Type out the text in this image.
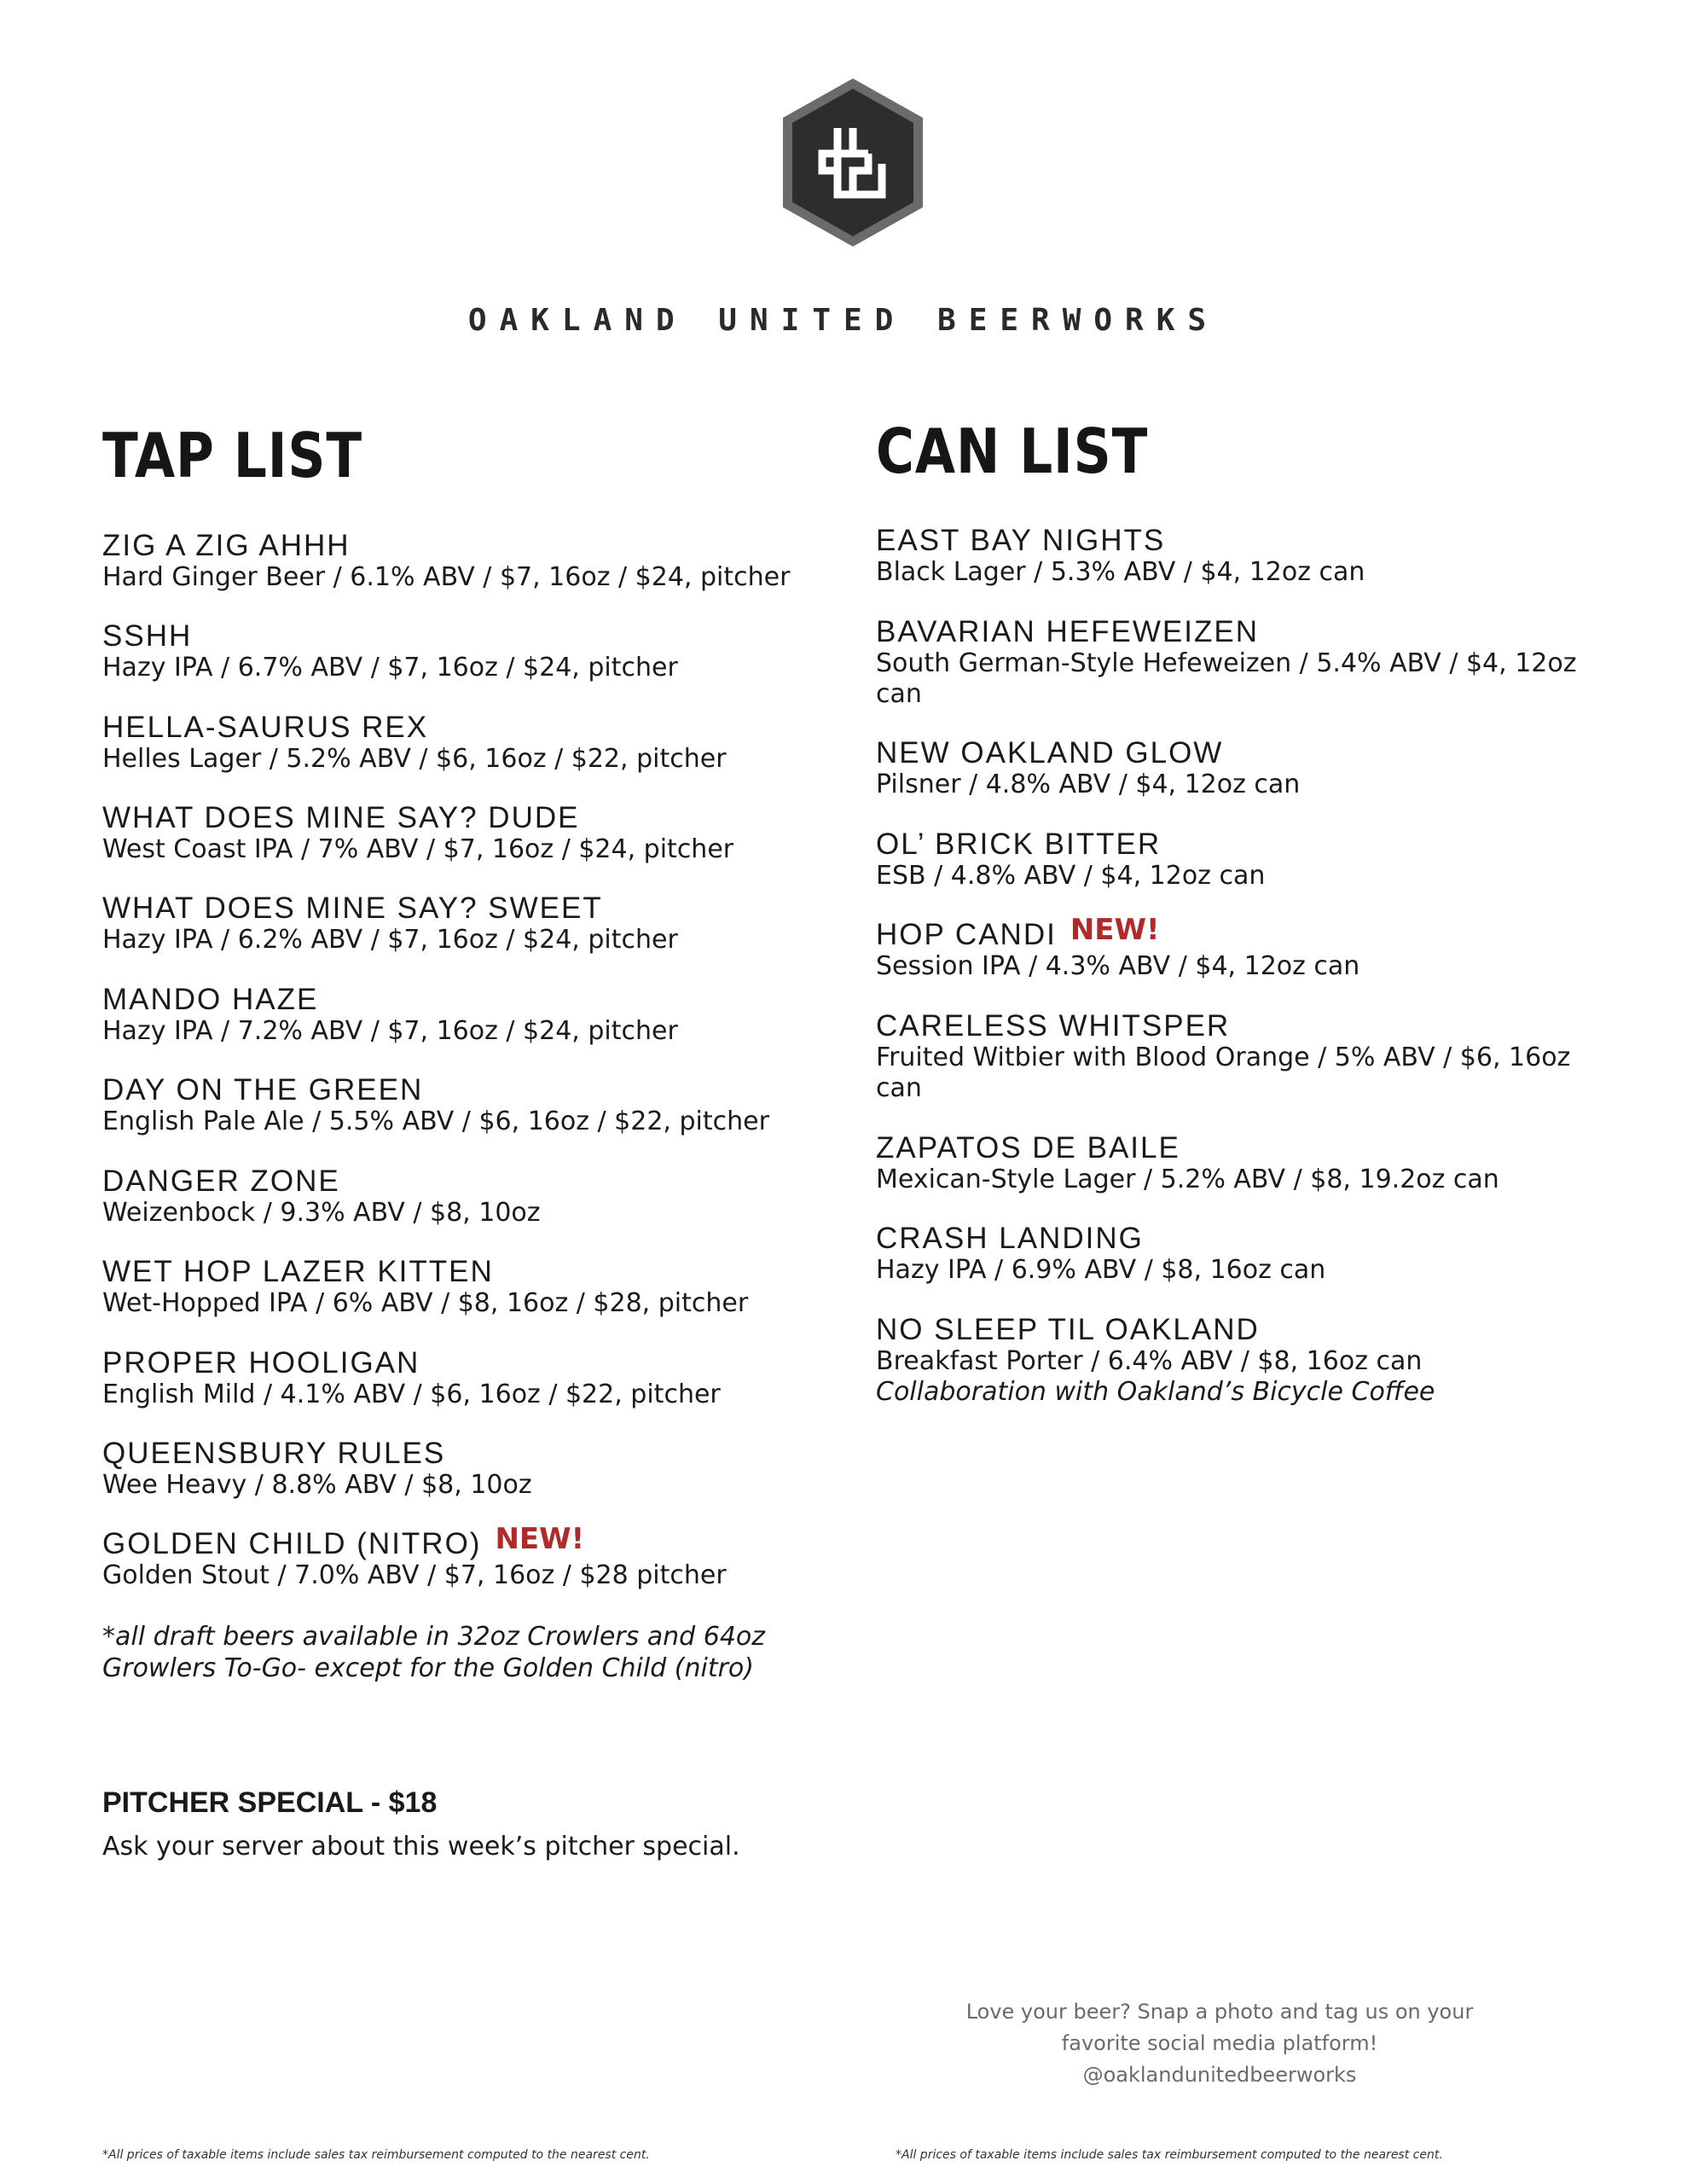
OAKLAND UNITED BEERWORKS
TAP LIST
ZIG A ZIG AHHH
Hard Ginger Beer / 6.1% ABV / $7, 16oz / $24, pitcher
SSHH
Hazy IPA / 6.7% ABV / $7, 16oz / $24, pitcher
HELLA-SAURUS REX
Helles Lager / 5.2% ABV / $6, 16oz / $22, pitcher
WHAT DOES MINE SAY? DUDE
West Coast IPA / 7% ABV / $7, 16oz / $24, pitcher
WHAT DOES MINE SAY? SWEET
Hazy IPA / 6.2% ABV / $7, 16oz / $24, pitcher
MANDO HAZE
Hazy IPA / 7.2% ABV / $7, 16oz / $24, pitcher
DAY ON THE GREEN
English Pale Ale / 5.5% ABV / $6, 16oz / $22, pitcher
DANGER ZONE
Weizenbock / 9.3% ABV / $8, 10oz
WET HOP LAZER KITTEN
Wet-Hopped IPA / 6% ABV / $8, 16oz / $28, pitcher
PROPER HOOLIGAN
English Mild / 4.1% ABV / $6, 16oz / $22, pitcher
QUEENSBURY RULES
Wee Heavy / 8.8% ABV / $8, 10oz
GOLDEN CHILD (NITRO) NEW!
Golden Stout / 7.0% ABV / $7, 16oz / $28 pitcher
*all draft beers available in 32oz Crowlers and 64oz
Growlers To-Go- except for the Golden Child (nitro)
PITCHER SPECIAL - $18
Ask your server about this week’s pitcher special.
CAN LIST
EAST BAY NIGHTS
Black Lager / 5.3% ABV / $4, 12oz can
BAVARIAN HEFEWEIZEN
South German-Style Hefeweizen / 5.4% ABV / $4, 12oz can
NEW OAKLAND GLOW
Pilsner / 4.8% ABV / $4, 12oz can
OL’ BRICK BITTER
ESB / 4.8% ABV / $4, 12oz can
HOP CANDI NEW!
Session IPA / 4.3% ABV / $4, 12oz can
CARELESS WHITSPER
Fruited Witbier with Blood Orange / 5% ABV / $6, 16oz can
ZAPATOS DE BAILE
Mexican-Style Lager / 5.2% ABV / $8, 19.2oz can
CRASH LANDING
Hazy IPA / 6.9% ABV / $8, 16oz can
NO SLEEP TIL OAKLAND
Breakfast Porter / 6.4% ABV / $8, 16oz can
Collaboration with Oakland’s Bicycle Coffee
Love your beer? Snap a photo and tag us on your
favorite social media platform!
@oaklandunitedbeerworks
*All prices of taxable items include sales tax reimbursement computed to the nearest cent.	*All prices of taxable items include sales tax reimbursement computed to the nearest cent.
